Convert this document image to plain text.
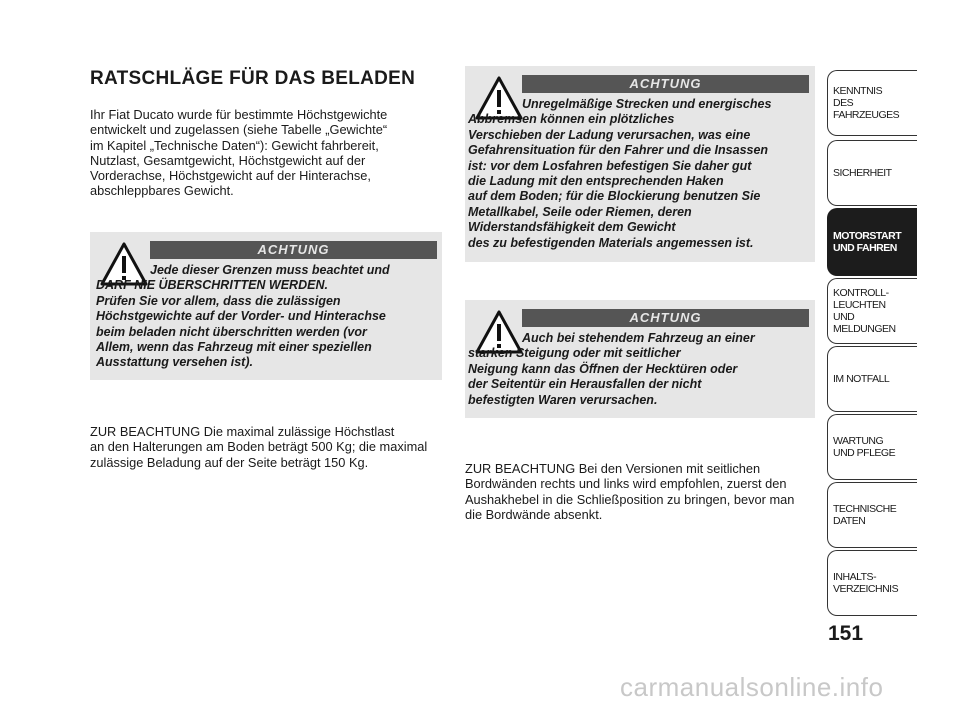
RATSCHLÄGE FÜR DAS BELADEN

Ihr Fiat Ducato wurde für bestimmte Höchstgewichte
entwickelt und zugelassen (siehe Tabelle „Gewichte“
im Kapitel „Technische Daten“): Gewicht fahrbereit,
Nutzlast, Gesamtgewicht, Höchstgewicht auf der
Vorderachse, Höchstgewicht auf der Hinterachse,
abschleppbares Gewicht.

ACHTUNG

Jede dieser Grenzen muss beachtet und
DARF NIE ÜBERSCHRITTEN WERDEN.
Prüfen Sie vor allem, dass die zulässigen
Höchstgewichte auf der Vorder- und Hinterachse
beim beladen nicht überschritten werden (vor
Allem, wenn das Fahrzeug mit einer speziellen
Ausstattung versehen ist).

ZUR BEACHTUNG Die maximal zulässige Höchstlast
an den Halterungen am Boden beträgt 500 Kg; die maximal
zulässige Beladung auf der Seite beträgt 150 Kg.

ACHTUNG

Unregelmäßige Strecken und energisches
Abbremsen können ein plötzliches
Verschieben der Ladung verursachen, was eine
Gefahrensituation für den Fahrer und die Insassen
ist: vor dem Losfahren befestigen Sie daher gut
die Ladung mit den entsprechenden Haken
auf dem Boden; für die Blockierung benutzen Sie
Metallkabel, Seile oder Riemen, deren
Widerstandsfähigkeit dem Gewicht
des zu befestigenden Materials angemessen ist.

ACHTUNG

Auch bei stehendem Fahrzeug an einer
starken Steigung oder mit seitlicher
Neigung kann das Öffnen der Hecktüren oder
der Seitentür ein Herausfallen der nicht
befestigten Waren verursachen.

ZUR BEACHTUNG Bei den Versionen mit seitlichen
Bordwänden rechts und links wird empfohlen, zuerst den
Aushakhebel in die Schließposition zu bringen, bevor man
die Bordwände absenkt.

KENNTNIS
DES FAHRZEUGES
SICHERHEIT
MOTORSTART
UND FAHREN
KONTROLL-
LEUCHTEN
UND MELDUNGEN
IM NOTFALL
WARTUNG
UND PFLEGE
TECHNISCHE
DATEN
INHALTS-
VERZEICHNIS

151

carmanualsonline.info
